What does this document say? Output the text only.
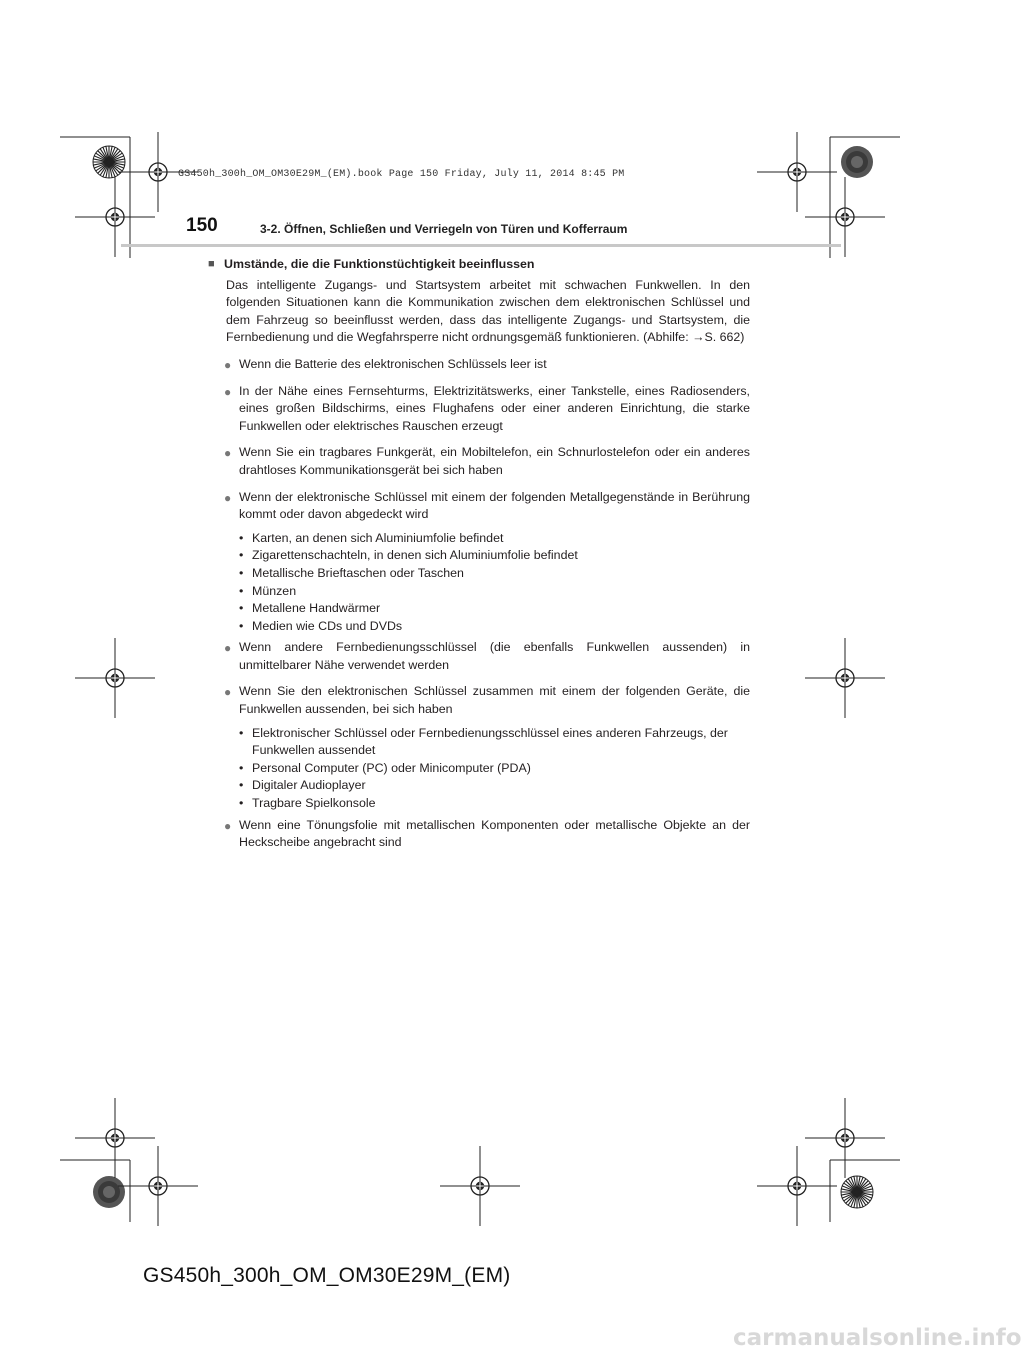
GS450h_300h_OM_OM30E29M_(EM).book Page 150 Friday, July 11, 2014 8:45 PM
150	3-2. Öffnen, Schließen und Verriegeln von Türen und Kofferraum
■ Umstände, die die Funktionstüchtigkeit beeinflussen
Das intelligente Zugangs- und Startsystem arbeitet mit schwachen Funkwellen. In den folgenden Situationen kann die Kommunikation zwischen dem elektronischen Schlüssel und dem Fahrzeug so beeinflusst werden, dass das intelligente Zugangs- und Startsystem, die Fernbedienung und die Wegfahrsperre nicht ordnungsgemäß funktionieren. (Abhilfe: →S. 662)
● Wenn die Batterie des elektronischen Schlüssels leer ist
● In der Nähe eines Fernsehturms, Elektrizitätswerks, einer Tankstelle, eines Radiosenders, eines großen Bildschirms, eines Flughafens oder einer anderen Einrichtung, die starke Funkwellen oder elektrisches Rauschen erzeugt
● Wenn Sie ein tragbares Funkgerät, ein Mobiltelefon, ein Schnurlostelefon oder ein anderes drahtloses Kommunikationsgerät bei sich haben
● Wenn der elektronische Schlüssel mit einem der folgenden Metallgegenstände in Berührung kommt oder davon abgedeckt wird
• Karten, an denen sich Aluminiumfolie befindet
• Zigarettenschachteln, in denen sich Aluminiumfolie befindet
• Metallische Brieftaschen oder Taschen
• Münzen
• Metallene Handwärmer
• Medien wie CDs und DVDs
● Wenn andere Fernbedienungsschlüssel (die ebenfalls Funkwellen aussenden) in unmittelbarer Nähe verwendet werden
● Wenn Sie den elektronischen Schlüssel zusammen mit einem der folgenden Geräte, die Funkwellen aussenden, bei sich haben
• Elektronischer Schlüssel oder Fernbedienungsschlüssel eines anderen Fahrzeugs, der Funkwellen aussendet
• Personal Computer (PC) oder Minicomputer (PDA)
• Digitaler Audioplayer
• Tragbare Spielkonsole
● Wenn eine Tönungsfolie mit metallischen Komponenten oder metallische Objekte an der Heckscheibe angebracht sind
GS450h_300h_OM_OM30E29M_(EM)
carmanualsonline.info
